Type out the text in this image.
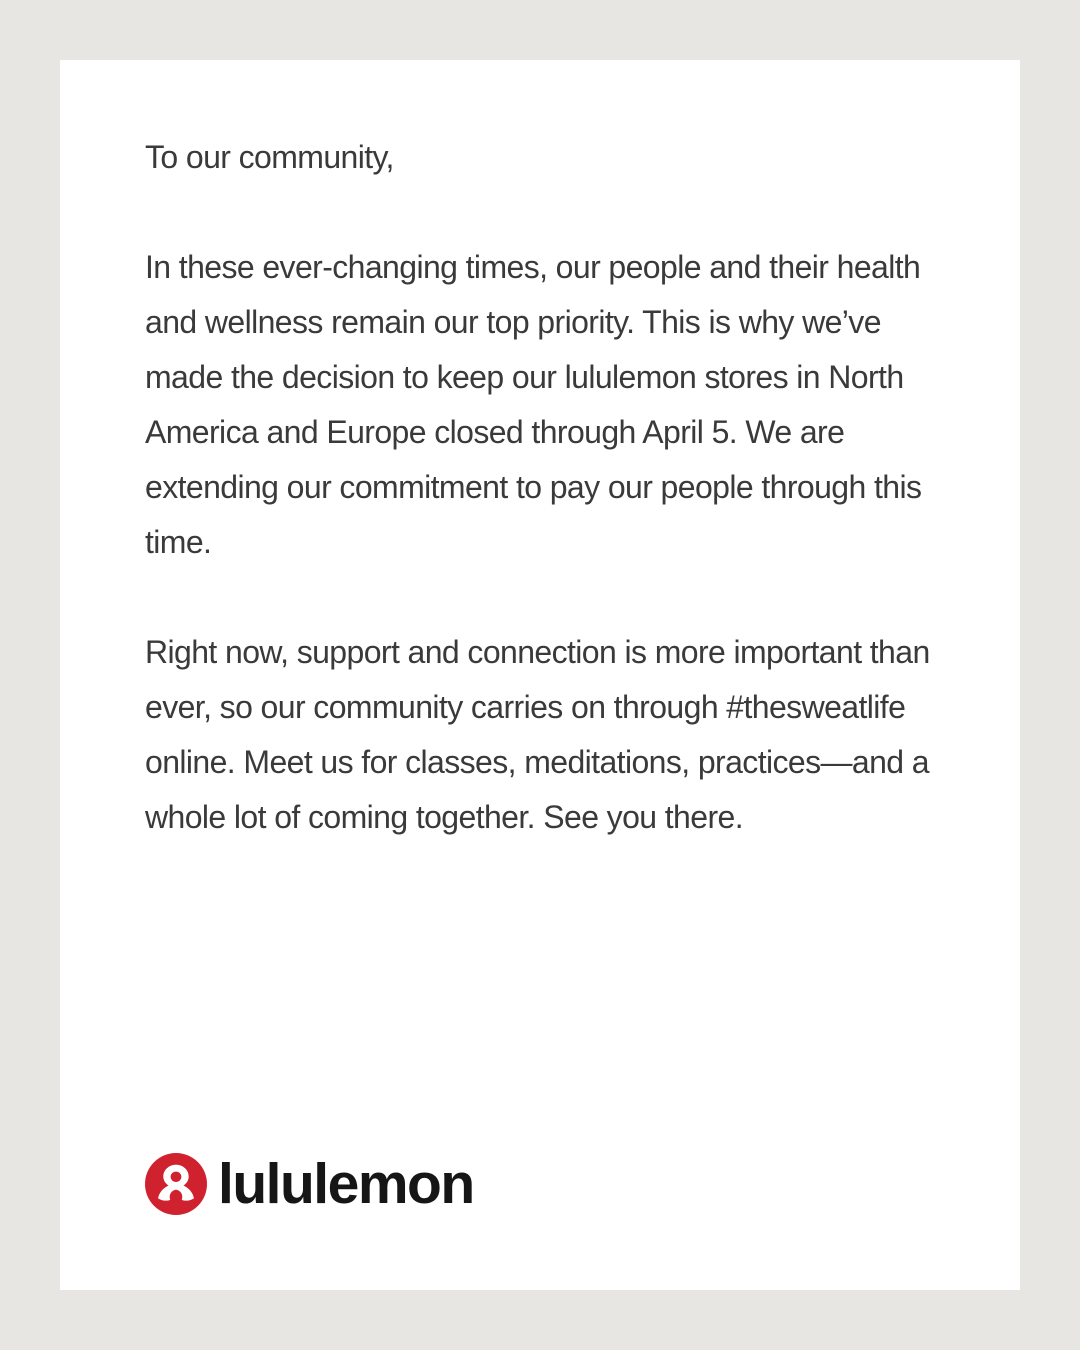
To our community,

In these ever-changing times, our people and their health and wellness remain our top priority. This is why we’ve made the decision to keep our lululemon stores in North America and Europe closed through April 5. We are extending our commitment to pay our people through this time.

Right now, support and connection is more important than ever, so our community carries on through #thesweatlife online. Meet us for classes, meditations, practices—and a whole lot of coming together. See you there.

lululemon
